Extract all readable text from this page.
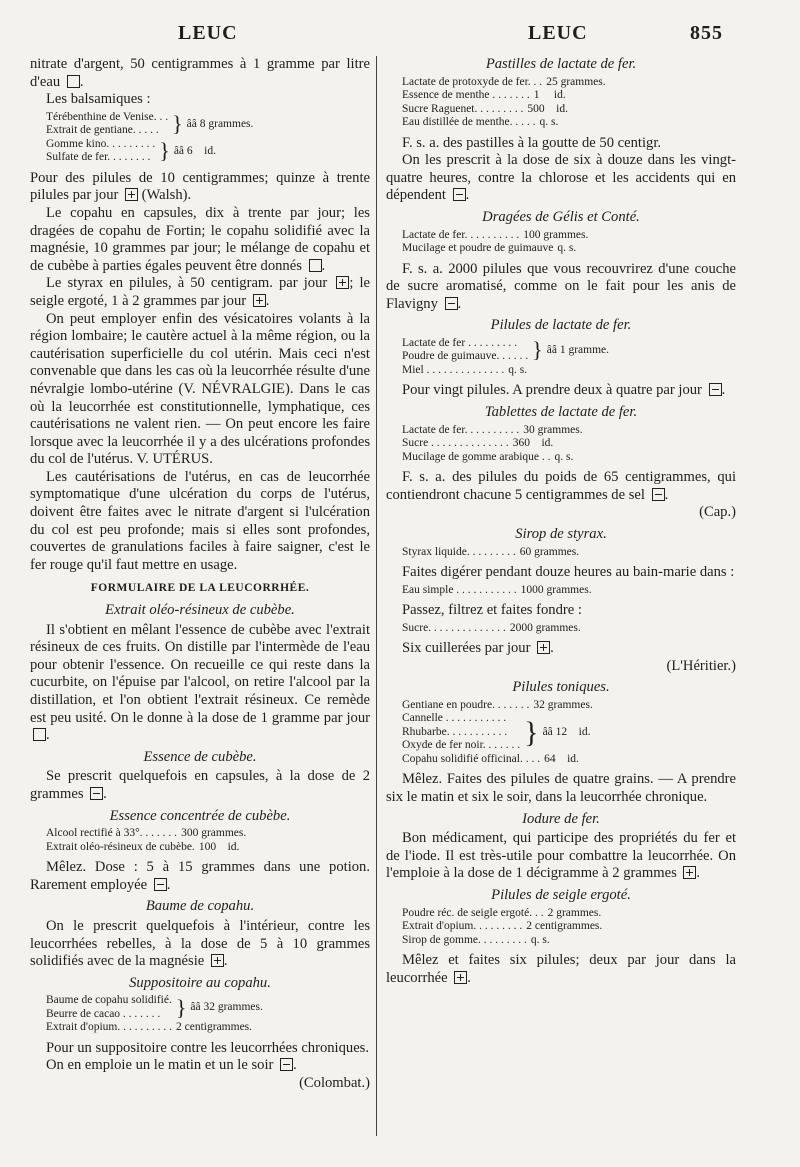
LEUC	LEUC	855

nitrate d'argent, 50 centigrammes à 1 gramme par litre d'eau .

Les balsamiques :

Térébenthine de Venise. . .
Extrait de gentiane. . . . . } ââ 8 grammes.
Gomme kino. . . . . . . . .
Sulfate de fer. . . . . . . . } ââ 6    id.

Pour des pilules de 10 centigrammes; quinze à trente pilules par jour (Walsh).

Le copahu en capsules, dix à trente par jour; les dragées de copahu de Fortin; le copahu solidifié avec la magnésie, 10 grammes par jour; le mélange de copahu et de cubèbe à parties égales peuvent être donnés .

Le styrax en pilules, à 50 centigram. par jour ; le seigle ergoté, 1 à 2 grammes par jour .

On peut employer enfin des vésicatoires volants à la région lombaire; le cautère actuel à la même région, ou la cautérisation superficielle du col utérin. Mais ceci n'est convenable que dans les cas où la leucorrhée résulte d'une névralgie lombo-utérine (V. NÉVRALGIE). Dans le cas où la leucorrhée est constitutionnelle, lymphatique, ces cautérisations ne valent rien. — On peut encore les faire lorsque avec la leucorrhée il y a des ulcérations profondes du col de l'utérus. V. UTÉRUS.

Les cautérisations de l'utérus, en cas de leucorrhée symptomatique d'une ulcération du corps de l'utérus, doivent être faites avec le nitrate d'argent si l'ulcération du col est peu profonde; mais si elles sont profondes, couvertes de granulations faciles à faire saigner, c'est le fer rouge qu'il faut mettre en usage.

FORMULAIRE DE LA LEUCORRHÉE.
Extrait oléo-résineux de cubèbe.

Il s'obtient en mêlant l'essence de cubèbe avec l'extrait résineux de ces fruits. On distille par l'intermède de l'eau pour obtenir l'essence. On recueille ce qui reste dans la cucurbite, on l'épuise par l'alcool, on retire l'alcool par la distillation, et l'on obtient l'extrait résineux. Ce remède est peu usité. On le donne à la dose de 1 gramme par jour .

Essence de cubèbe.

Se prescrit quelquefois en capsules, à la dose de 2 grammes .

Essence concentrée de cubèbe.
Alcool rectifié à 33°. . . . . . . 300 grammes.
Extrait oléo-résineux de cubèbe. 100    id.

Mêlez. Dose : 5 à 15 grammes dans une potion. Rarement employée .

Baume de copahu.

On le prescrit quelquefois à l'intérieur, contre les leucorrhées rebelles, à la dose de 5 à 10 grammes solidifiés avec de la magnésie .

Suppositoire au copahu.
Baume de copahu solidifié.
Beurre de cacao . . . . . . . } ââ 32 grammes.
Extrait d'opium. . . . . . . . . . 2 centigrammes.

Pour un suppositoire contre les leucorrhées chroniques.

On en emploie un le matin et un le soir .

(Colombat.)

Pastilles de lactate de fer.
Lactate de protoxyde de fer. . . 25 grammes.
Essence de menthe . . . . . . . 1     id.
Sucre Raguenet. . . . . . . . . 500    id.
Eau distillée de menthe. . . . . q. s.

F. s. a. des pastilles à la goutte de 50 centigr.

On les prescrit à la dose de six à douze dans les vingt-quatre heures, contre la chlorose et les accidents qui en dépendent .

Dragées de Gélis et Conté.
Lactate de fer. . . . . . . . . . 100 grammes.
Mucilage et poudre de guimauve q. s.

F. s. a. 2000 pilules que vous recouvrirez d'une couche de sucre aromatisé, comme on le fait pour les anis de Flavigny .

Pilules de lactate de fer.
Lactate de fer . . . . . . . . .
Poudre de guimauve. . . . . . } ââ 1 gramme.
Miel . . . . . . . . . . . . . . q. s.

Pour vingt pilules. A prendre deux à quatre par jour .

Tablettes de lactate de fer.
Lactate de fer. . . . . . . . . . 30 grammes.
Sucre . . . . . . . . . . . . . . 360    id.
Mucilage de gomme arabique . . q. s.

F. s. a. des pilules du poids de 65 centigrammes, qui contiendront chacune 5 centigrammes de sel .

(Cap.)

Sirop de styrax.
Styrax liquide. . . . . . . . . 60 grammes.

Faites digérer pendant douze heures au bain-marie dans :

Eau simple . . . . . . . . . . . 1000 grammes.

Passez, filtrez et faites fondre :

Sucre. . . . . . . . . . . . . . 2000 grammes.

Six cuillerées par jour .

(L'Héritier.)

Pilules toniques.
Gentiane en poudre. . . . . . . 32 grammes.
Cannelle . . . . . . . . . . .
Rhubarbe. . . . . . . . . . .
Oxyde de fer noir. . . . . . . } ââ 12    id.
Copahu solidifié officinal. . . . 64    id.

Mêlez. Faites des pilules de quatre grains. — A prendre six le matin et six le soir, dans la leucorrhée chronique.

Iodure de fer.

Bon médicament, qui participe des propriétés du fer et de l'iode. Il est très-utile pour combattre la leucorrhée. On l'emploie à la dose de 1 décigramme à 2 grammes .

Pilules de seigle ergoté.
Poudre réc. de seigle ergoté. . . 2 grammes.
Extrait d'opium. . . . . . . . . 2 centigrammes.
Sirop de gomme. . . . . . . . . q. s.

Mêlez et faites six pilules; deux par jour dans la leucorrhée .
